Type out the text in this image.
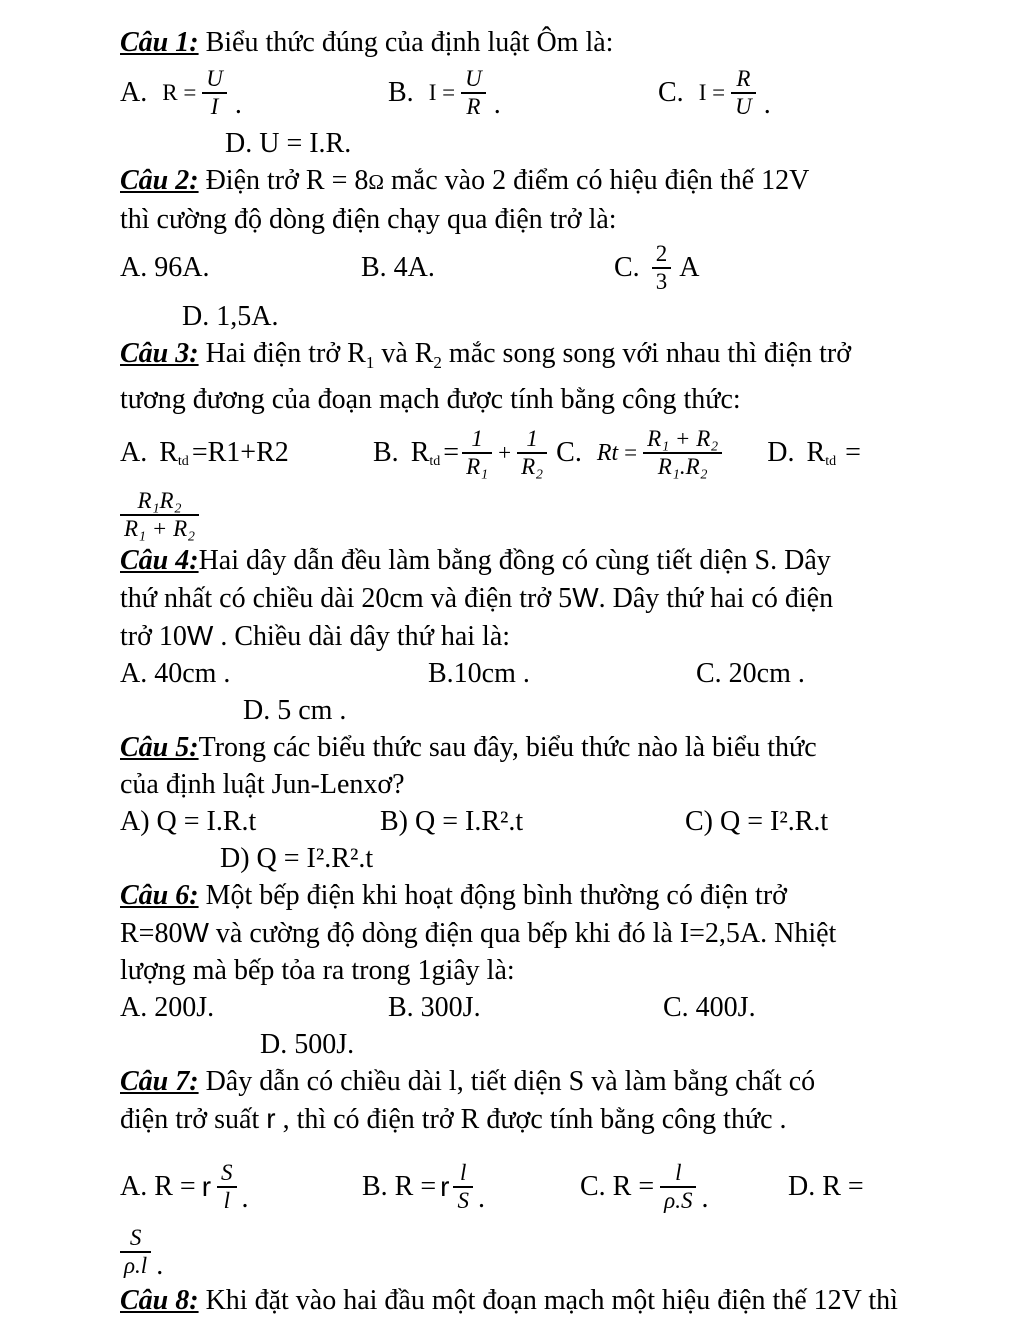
Câu 1: Biểu thức đúng của định luật Ôm là:
A. $R = \frac{U}{I}$ .	B. $I = \frac{U}{R}$ .	C. $I = \frac{R}{U}$ .
D. U = I.R.
Câu 2: Điện trở R = 8Ω mắc vào 2 điểm có hiệu điện thế 12V
thì cường độ dòng điện chạy qua điện trở là:
A. 96A.	B. 4A.	C. $\frac{2}{3}$ A
D. 1,5A.
Câu 3: Hai điện trở $R_1$ và $R_2$ mắc song song với nhau thì điện trở
tương đương của đoạn mạch được tính bằng công thức:
A. R td =R1+R2	B. R td = $\frac{1}{\text{R₁}} + \frac{1}{\text{R₂}} C$. $Rt = \frac{\text{R₁ + R₂}}{\text{R₁.R₂}} D$. R td =
$\frac{\text{R₁R₂}}{\text{R₁ + R₂}}$
Câu 4:Hai dây dẫn đều làm bằng đồng có cùng tiết diện S. Dây
thứ nhất có chiều dài 20cm và điện trở 5W. Dây thứ hai có điện
trở 10W . Chiều dài dây thứ hai là:
A. 40cm .	B.10cm .	C. 20cm .
D. 5 cm .
Câu 5:Trong các biểu thức sau đây, biểu thức nào là biểu thức
của định luật Jun-Lenxơ?
A) Q = I.R.t	B) Q = I.R².t	C) Q = I².R.t
D) Q = I².R².t
Câu 6: Một bếp điện khi hoạt động bình thường có điện trở
R=80W và cường độ dòng điện qua bếp khi đó là I=2,5A. Nhiệt
lượng mà bếp tỏa ra trong 1giây là:
A. 200J.	B. 300J.	C. 400J.
D. 500J.
Câu 7: Dây dẫn có chiều dài l, tiết diện S và làm bằng chất có
điện trở suất r , thì có điện trở R được tính bằng công thức .
A. R = r $\frac{S}{l}$ .	B. R = r $\frac{l}{S}$ .	C. $R = \frac{l}{\rho.S}$ .	D. R =
$\frac{S}{\rho.l}$ .
Câu 8: Khi đặt vào hai đầu một đoạn mạch một hiệu điện thế 12V thì
